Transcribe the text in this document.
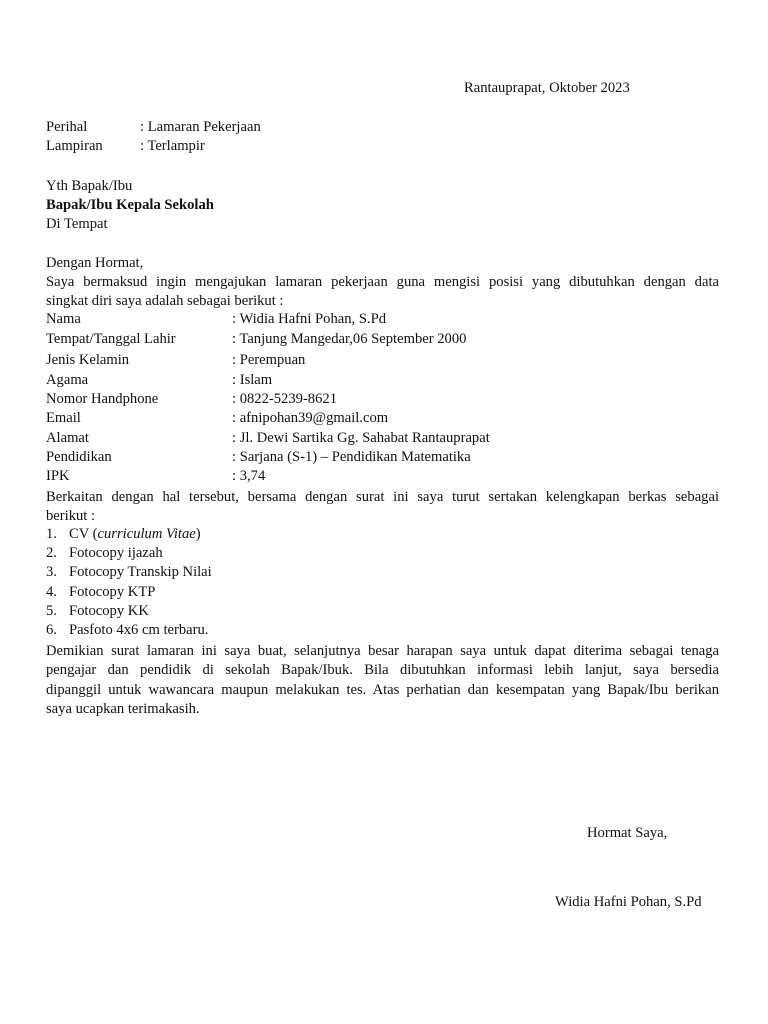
Rantauprapat, Oktober 2023
Perihal	: Lamaran Pekerjaan
Lampiran	: Terlampir
Yth Bapak/Ibu
Bapak/Ibu Kepala Sekolah
Di Tempat
Dengan Hormat,
Saya bermaksud ingin mengajukan lamaran pekerjaan guna mengisi posisi yang dibutuhkan dengan data
singkat diri saya adalah sebagai berikut :
Nama	: Widia Hafni Pohan, S.Pd
Tempat/Tanggal Lahir	: Tanjung Mangedar,06 September 2000
Jenis Kelamin	: Perempuan
Agama	: Islam
Nomor Handphone	: 0822-5239-8621
Email	: afnipohan39@gmail.com
Alamat	: Jl. Dewi Sartika Gg. Sahabat Rantauprapat
Pendidikan	: Sarjana (S-1) – Pendidikan Matematika
IPK	: 3,74
Berkaitan dengan hal tersebut, bersama dengan surat ini saya turut sertakan kelengkapan berkas sebagai
berikut :
1. CV (curriculum Vitae)
2. Fotocopy ijazah
3. Fotocopy Transkip Nilai
4. Fotocopy KTP
5. Fotocopy KK
6. Pasfoto 4x6 cm terbaru.
Demikian surat lamaran ini saya buat, selanjutnya besar harapan saya untuk dapat diterima sebagai tenaga
pengajar dan pendidik di sekolah Bapak/Ibuk. Bila dibutuhkan informasi lebih lanjut, saya bersedia
dipanggil untuk wawancara maupun melakukan tes. Atas perhatian dan kesempatan yang Bapak/Ibu berikan
saya ucapkan terimakasih.
Hormat Saya,
Widia Hafni Pohan, S.Pd
